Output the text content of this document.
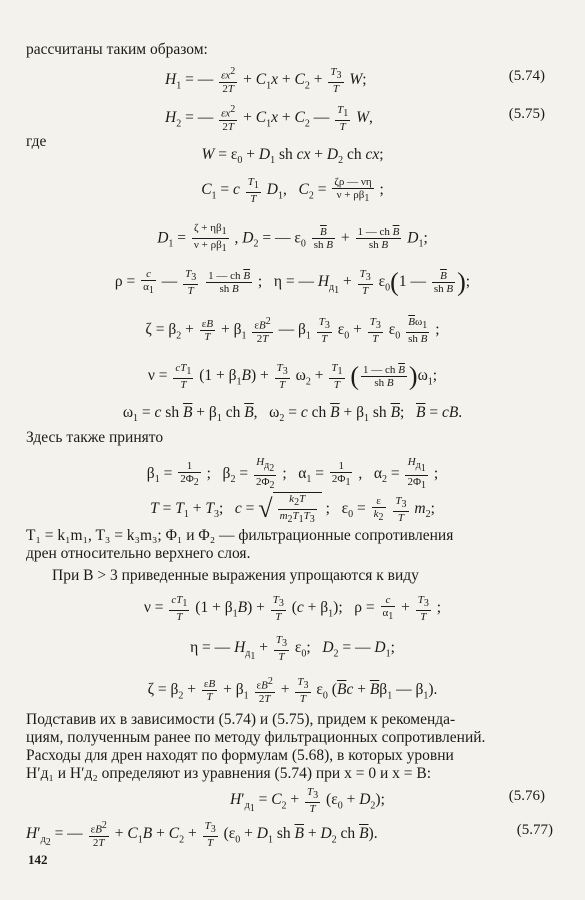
рассчитаны таким образом:
$H_1$ = — $\frac{\varepsilon x^2}{2T} + C_1x + C_2 + \frac{T_3}{T} W$;	(5.74)
$H_2$ = — $\frac{\varepsilon x^2}{2T} + C_1x + C_2$ — $\frac{T_1}{T} W$,	(5.75)
где
$W = \varepsilon_0 + D_1$ sh cx + $D_2$ ch cx;
$C_1 = c \frac{T_1}{T} D_1$,   $C_2 = \frac{\zeta\rho — \nu\eta}{\nu + \rho\beta_1}$ ;
$D_1 = \frac{\zeta + \eta\beta_1}{\nu + \rho\beta_1}$ , $D_2$ = — $\varepsilon_0 \frac{\overline{B}}{sh \overline{B}} + \frac{1 — ch \overline{B}}{sh \overline{B}} D_1$;
$\rho = \frac{c}{\alpha_1}$ — $\frac{T_3}{T}$
$\frac{1 — ch \overline{B}}{sh \overline{B}}$ ;   η = — $H_{д_1} + \frac{T_3}{T} \varepsilon_0(1$ — $\frac{\overline{B}}{sh \overline{B}}$ );
$\zeta = \beta_2 + \frac{\varepsilon B}{T} + \beta_1 \frac{\varepsilon B^2}{2T}$ — $\beta_1 \frac{T_3}{T} \varepsilon_0 + \frac{T_3}{T} \varepsilon_0 \frac{\overline{B}\omega_1}{sh \overline{B}}$ ;
$\nu = \frac{cT_1}{T} (1 + \beta_1B) + \frac{T_3}{T} \omega_2 + \frac{T_1}{T}$ ( $\frac{1 — ch \overline{B}}{sh \overline{B}} )\omega_1$;
$\omega_1 = c$ sh $\overline{B} + \beta_1$ ch $\overline{B}$,   $\omega_2 = c$ ch $\overline{B} + \beta_1$ sh $\overline{B}$;   $\overline{B}$ = cB.
Здесь также принято
$\beta_1 = \frac{1}{2\Phi_2}$ ;   $\beta_2$ =
$H_{д_2}$
$2\Phi_2$
;   $\alpha_1 = \frac{1}{2\Phi_1}$ ,   $\alpha_2$ =
$H_{д_1}$
$2\Phi_1$
;
$T = T_1 + T_3$;   c = √ $\frac{k_2T}{m_2T_1T_3}$ ;   $\varepsilon_0 = \frac{\varepsilon}{k_2}$
$\frac{T_3}{T} m_2$;
T₁ = k₁m₁, T₃ = k₃m₃; Φ₁ и Φ₂ — фильтрационные сопротивления
дрен относительно верхнего слоя.
При B > 3 приведенные выражения упрощаются к виду
$\nu = \frac{cT_1}{T} (1 + \beta_1B) + \frac{T_3}{T} (c + \beta_1)$;   $\rho = \frac{c}{\alpha_1} + \frac{T_3}{T}$ ;
η = — $H_{д_1} + \frac{T_3}{T} \varepsilon_0$;   $D_2$ = — $D_1$;
$\zeta = \beta_2 + \frac{\varepsilon B}{T} + \beta_1 \frac{\varepsilon B^2}{2T} + \frac{T_3}{T} \varepsilon_0$ ($\overline{B}c + \overline{B}\beta_1$ — $\beta_1$).
Подставив их в зависимости (5.74) и (5.75), придем к рекоменда-
циям, полученным ранее по методу фильтрационных сопротивлений.
Расходы для дрен находят по формулам (5.68), в которых уровни
H′д₁ и H′д₂ определяют из уравнения (5.74) при x = 0 и x = B:
$H'_{д_1} = C_2 + \frac{T_3}{T} (\varepsilon_0 + D_2)$;	(5.76)
$H'_{д_2}$ = — $\frac{\varepsilon B^2}{2T} + C_1B + C_2 + \frac{T_3}{T} (\varepsilon_0 + D_1$ sh $\overline{B} + D_2$ ch $\overline{B}$).	(5.77)
142
